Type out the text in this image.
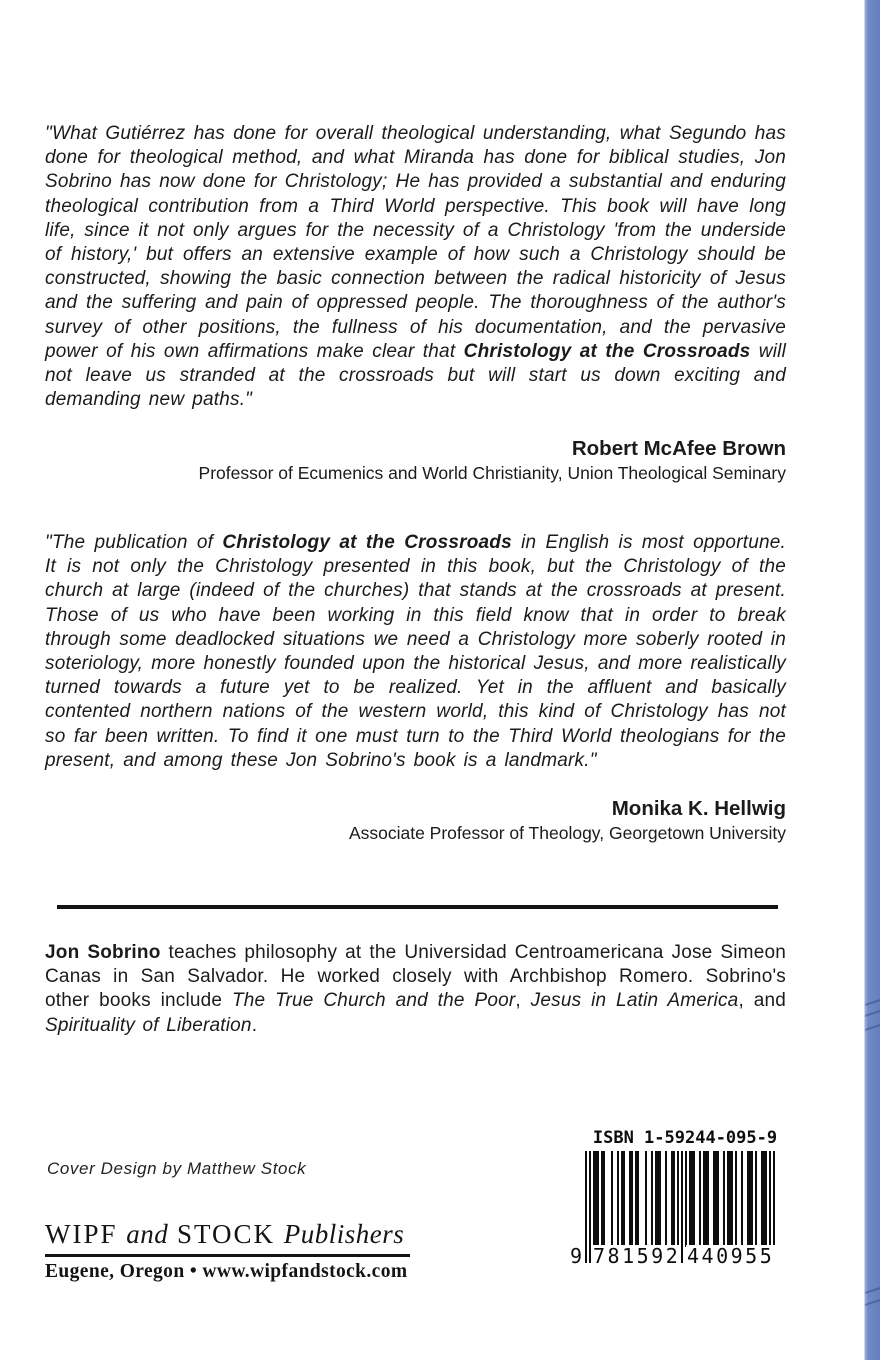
"What Gutiérrez has done for overall theological understanding, what Segundo has done for theological method, and what Miranda has done for biblical studies, Jon Sobrino has now done for Christology; He has provided a substantial and enduring theological contribution from a Third World perspective. This book will have long life, since it not only argues for the necessity of a Christology 'from the underside of history,' but offers an extensive example of how such a Christology should be constructed, showing the basic connection between the radical historicity of Jesus and the suffering and pain of oppressed people. The thoroughness of the author's survey of other positions, the fullness of his documentation, and the pervasive power of his own affirmations make clear that Christology at the Crossroads will not leave us stranded at the crossroads but will start us down exciting and demanding new paths."
Robert McAfee Brown
Professor of Ecumenics and World Christianity, Union Theological Seminary
"The publication of Christology at the Crossroads in English is most opportune. It is not only the Christology presented in this book, but the Christology of the church at large (indeed of the churches) that stands at the crossroads at present. Those of us who have been working in this field know that in order to break through some deadlocked situations we need a Christology more soberly rooted in soteriology, more honestly founded upon the historical Jesus, and more realistically turned towards a future yet to be realized. Yet in the affluent and basically contented northern nations of the western world, this kind of Christology has not so far been written. To find it one must turn to the Third World theologians for the present, and among these Jon Sobrino's book is a landmark."
Monika K. Hellwig
Associate Professor of Theology, Georgetown University
Jon Sobrino teaches philosophy at the Universidad Centroamericana Jose Simeon Canas in San Salvador. He worked closely with Archbishop Romero. Sobrino's other books include The True Church and the Poor, Jesus in Latin America, and Spirituality of Liberation.
Cover Design by Matthew Stock
WIPF and STOCK Publishers
Eugene, Oregon • www.wipfandstock.com
ISBN 1-59244-095-9
9 781592 440955
